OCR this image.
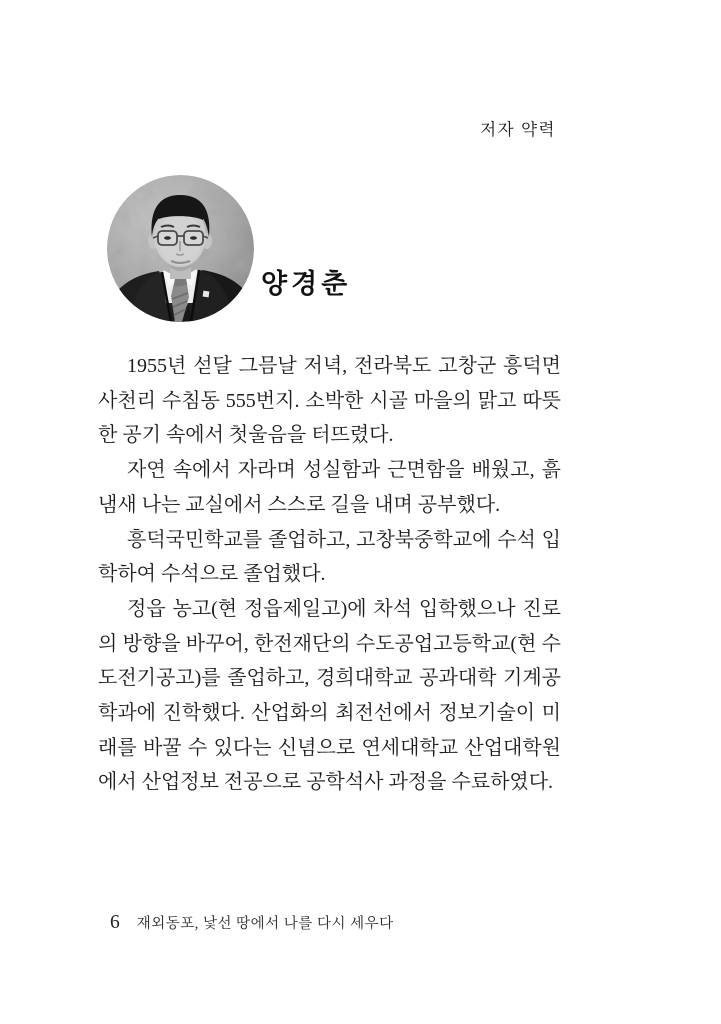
저자 약력
양경춘

1955년 섣달 그믐날 저녁, 전라북도 고창군 흥덕면 사천리 수침동 555번지. 소박한 시골 마을의 맑고 따뜻한 공기 속에서 첫울음을 터뜨렸다.

자연 속에서 자라며 성실함과 근면함을 배웠고, 흙냄새 나는 교실에서 스스로 길을 내며 공부했다.

흥덕국민학교를 졸업하고, 고창북중학교에 수석 입학하여 수석으로 졸업했다.

정읍 농고(현 정읍제일고)에 차석 입학했으나 진로의 방향을 바꾸어, 한전재단의 수도공업고등학교(현 수도전기공고)를 졸업하고, 경희대학교 공과대학 기계공학과에 진학했다. 산업화의 최전선에서 정보기술이 미래를 바꿀 수 있다는 신념으로 연세대학교 산업대학원에서 산업정보 전공으로 공학석사 과정을 수료하였다.

6 재외동포, 낯선 땅에서 나를 다시 세우다
